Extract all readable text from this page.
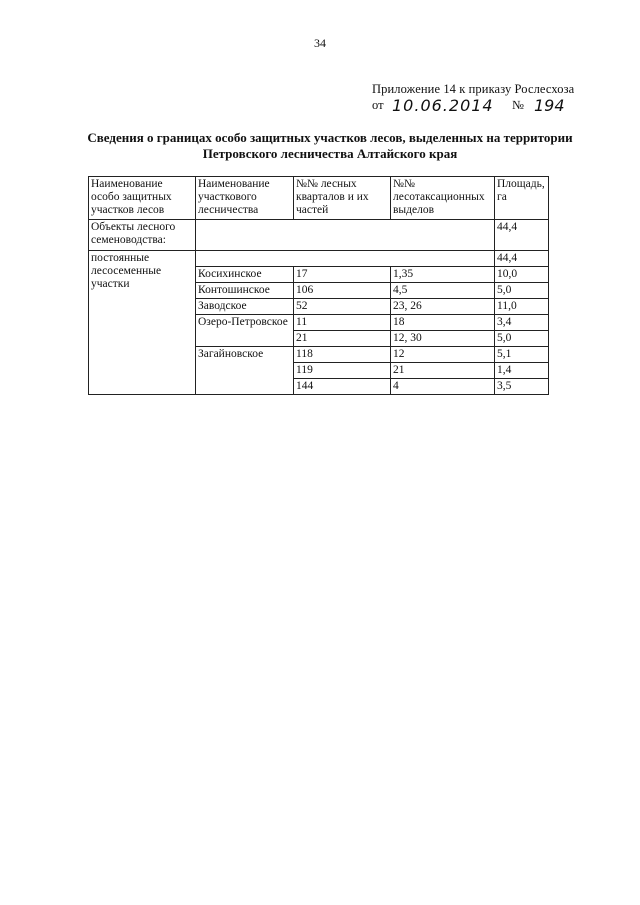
34
Приложение 14 к приказу Рослесхоза
от 10.06.2014 № 194
Сведения о границах особо защитных участков лесов, выделенных на территории
Петровского лесничества Алтайского края
Наименование особо защитных участков лесов	Наименование участкового лесничества	№№ лесных кварталов и их частей	№№ лесотаксационных выделов	Площадь, га
Объекты лесного семеноводства:				44,4
постоянные лесосеменные участки				44,4
	Косихинское	17	1,35	10,0
	Контошинское	106	4,5	5,0
	Заводское	52	23, 26	11,0
	Озеро-Петровское	11	18	3,4
		21	12, 30	5,0
	Загайновское	118	12	5,1
		119	21	1,4
		144	4	3,5
